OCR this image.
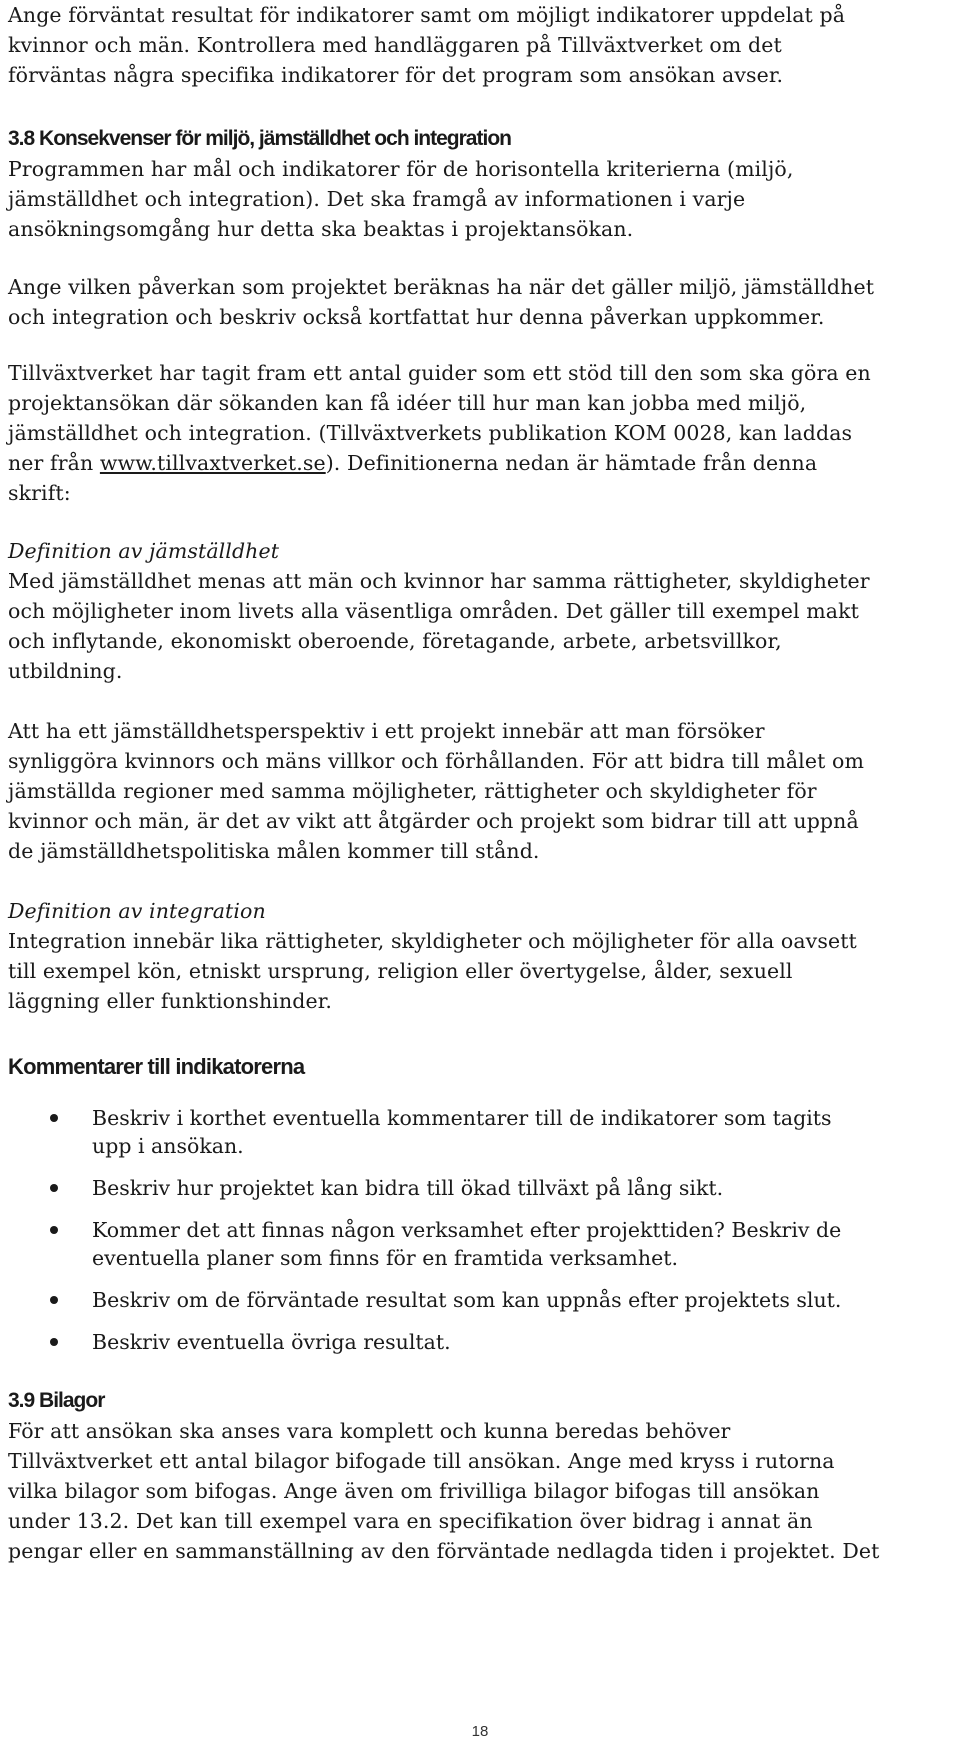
Ange förväntat resultat för indikatorer samt om möjligt indikatorer uppdelat på

kvinnor och män. Kontrollera med handläggaren på Tillväxtverket om det

förväntas några specifika indikatorer för det program som ansökan avser.

3.8 Konsekvenser för miljö, jämställdhet och integration

Programmen har mål och indikatorer för de horisontella kriterierna (miljö,

jämställdhet och integration). Det ska framgå av informationen i varje

ansökningsomgång hur detta ska beaktas i projektansökan.

Ange vilken påverkan som projektet beräknas ha när det gäller miljö, jämställdhet

och integration och beskriv också kortfattat hur denna påverkan uppkommer.

Tillväxtverket har tagit fram ett antal guider som ett stöd till den som ska göra en

projektansökan där sökanden kan få idéer till hur man kan jobba med miljö,

jämställdhet och integration. (Tillväxtverkets publikation KOM 0028, kan laddas

ner från www.tillvaxtverket.se). Definitionerna nedan är hämtade från denna

skrift:

Definition av jämställdhet

Med jämställdhet menas att män och kvinnor har samma rättigheter, skyldigheter

och möjligheter inom livets alla väsentliga områden. Det gäller till exempel makt

och inflytande, ekonomiskt oberoende, företagande, arbete, arbetsvillkor,

utbildning.

Att ha ett jämställdhetsperspektiv i ett projekt innebär att man försöker

synliggöra kvinnors och mäns villkor och förhållanden. För att bidra till målet om

jämställda regioner med samma möjligheter, rättigheter och skyldigheter för

kvinnor och män, är det av vikt att åtgärder och projekt som bidrar till att uppnå

de jämställdhetspolitiska målen kommer till stånd.

Definition av integration

Integration innebär lika rättigheter, skyldigheter och möjligheter för alla oavsett

till exempel kön, etniskt ursprung, religion eller övertygelse, ålder, sexuell

läggning eller funktionshinder.

Kommentarer till indikatorerna
Beskriv i korthet eventuella kommentarer till de indikatorer som tagits
upp i ansökan.
Beskriv hur projektet kan bidra till ökad tillväxt på lång sikt.
Kommer det att finnas någon verksamhet efter projekttiden? Beskriv de
eventuella planer som finns för en framtida verksamhet.
Beskriv om de förväntade resultat som kan uppnås efter projektets slut.
Beskriv eventuella övriga resultat.
3.9 Bilagor

För att ansökan ska anses vara komplett och kunna beredas behöver

Tillväxtverket ett antal bilagor bifogade till ansökan. Ange med kryss i rutorna

vilka bilagor som bifogas. Ange även om frivilliga bilagor bifogas till ansökan

under 13.2. Det kan till exempel vara en specifikation över bidrag i annat än

pengar eller en sammanställning av den förväntade nedlagda tiden i projektet. Det

18
